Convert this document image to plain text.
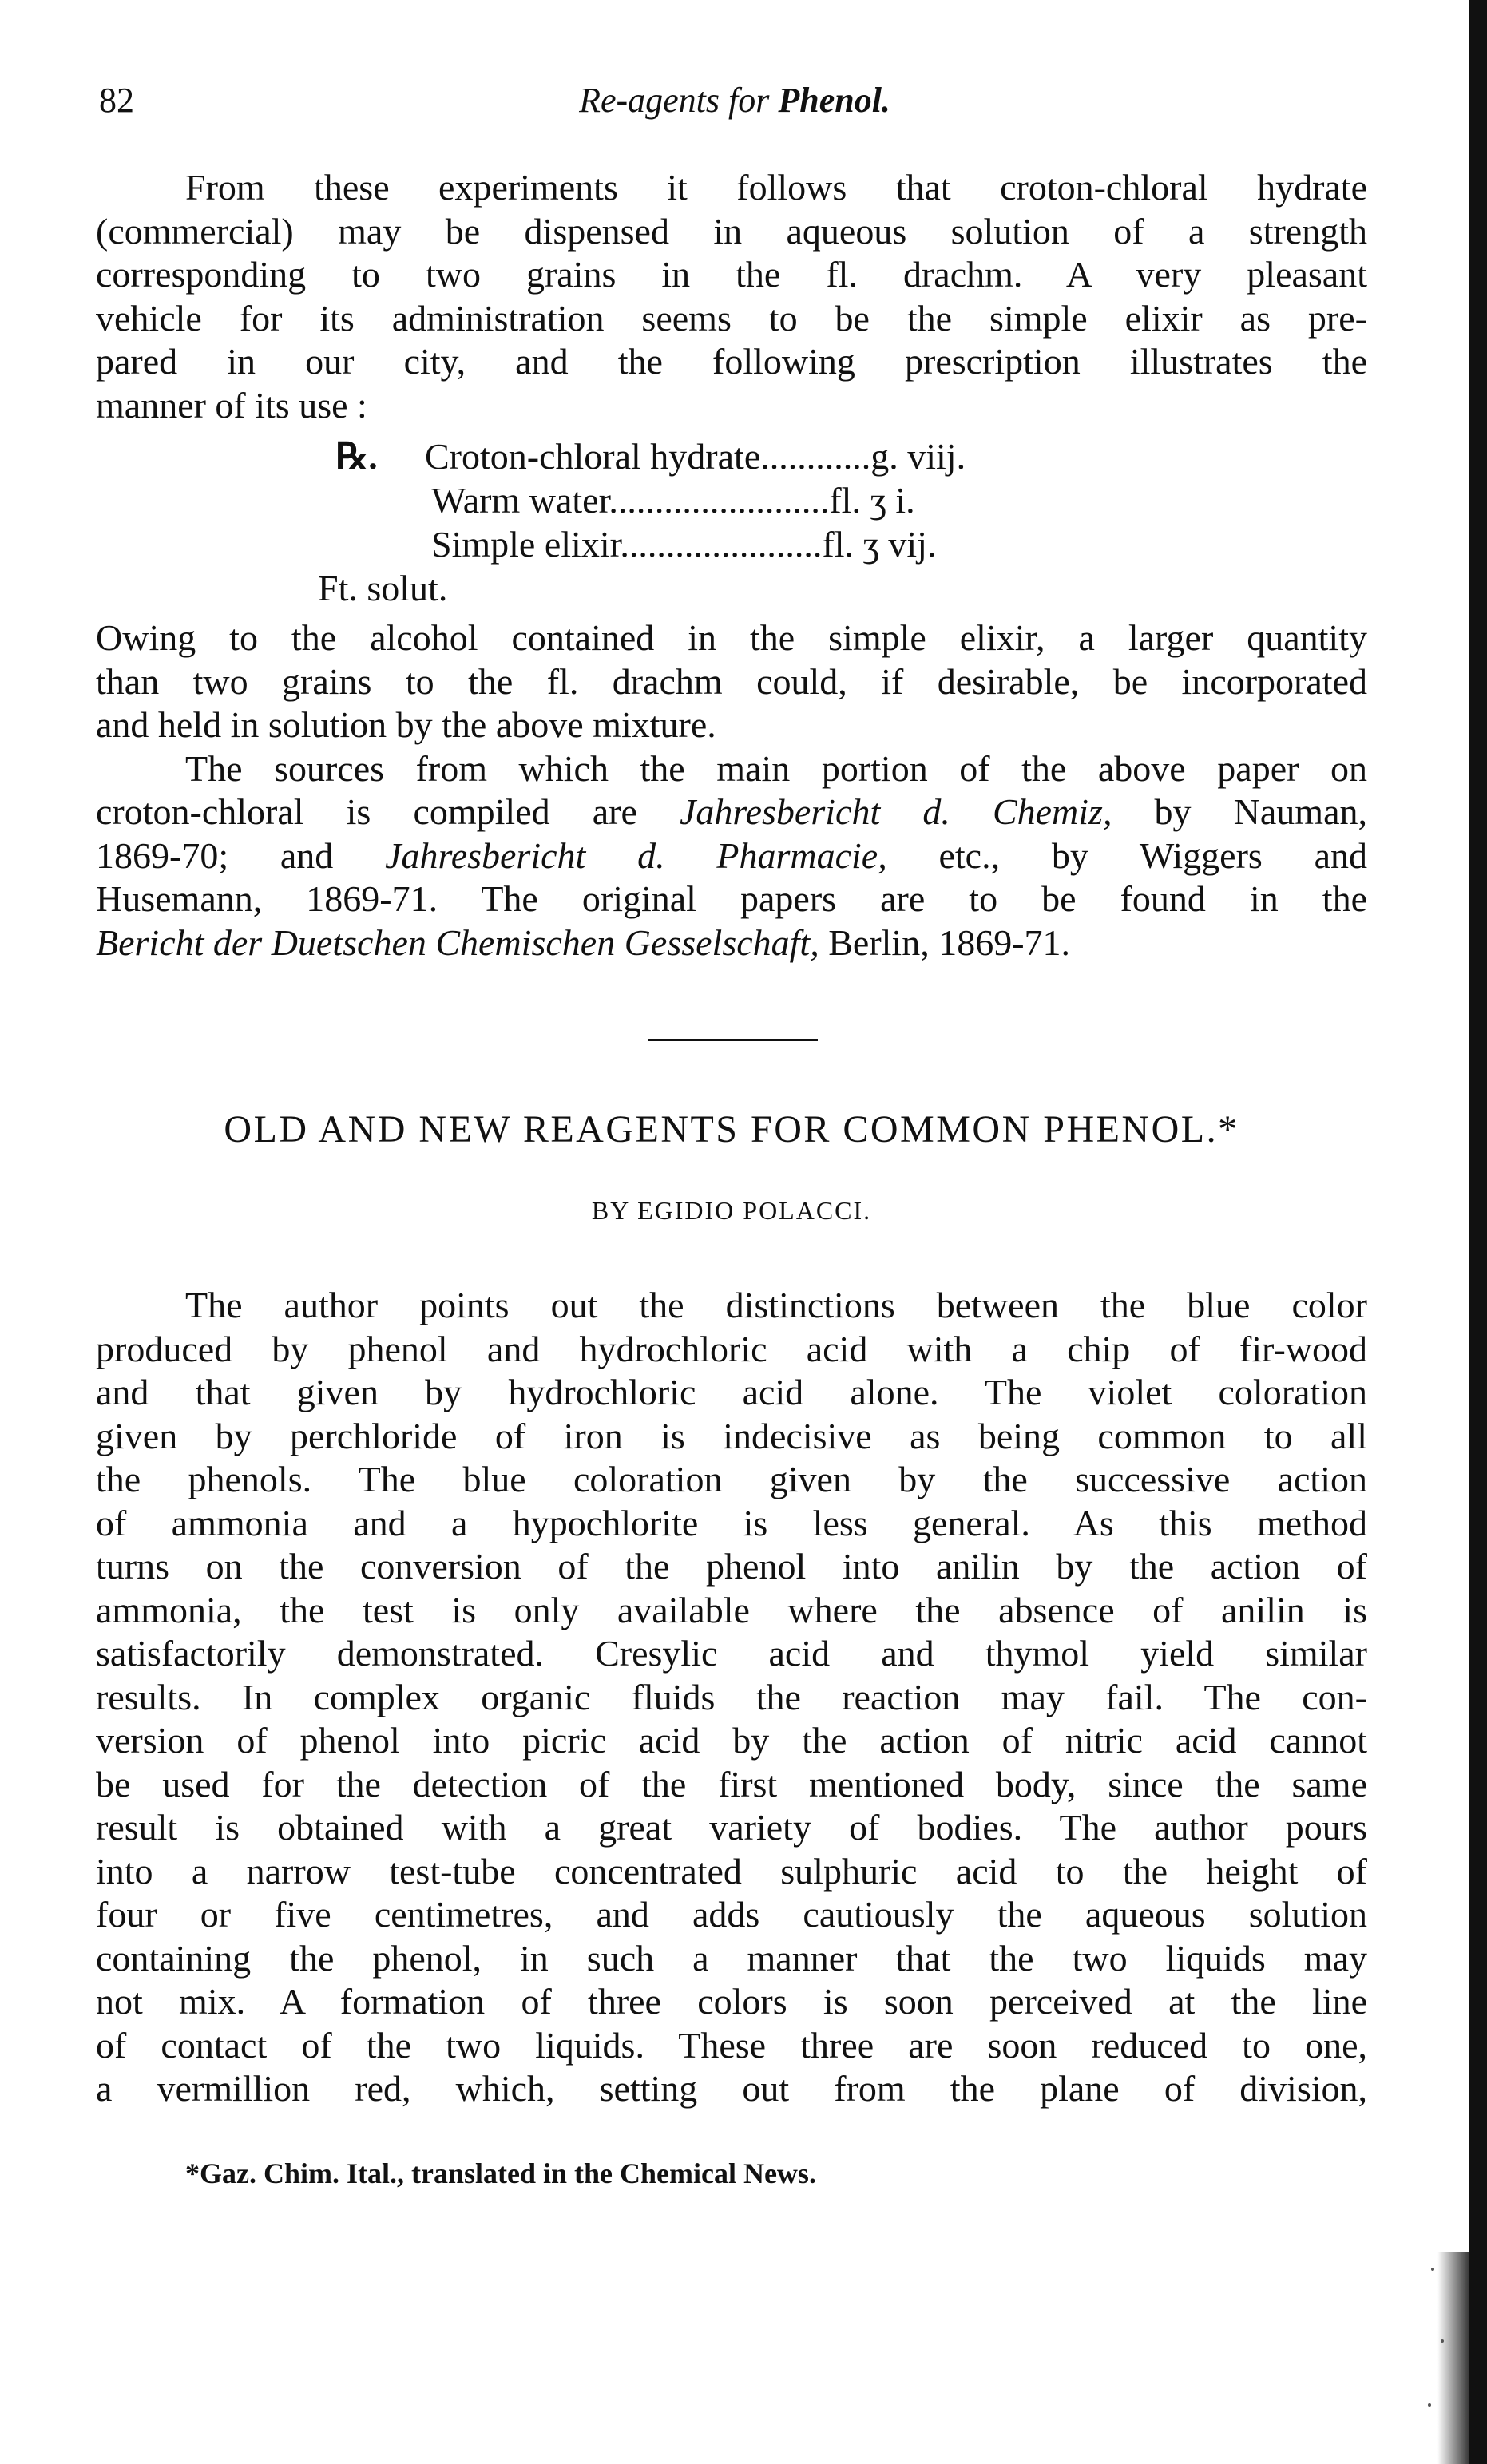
82	Re-agents for Phenol.
From these experiments it follows that croton-chloral hydrate
(commercial) may be dispensed in aqueous solution of a strength
corresponding to two grains in the fl. drachm. A very pleasant
vehicle for its administration seems to be the simple elixir as pre-
pared in our city, and the following prescription illustrates the
manner of its use :
℞. Croton-chloral hydrate............g. viij.
Warm water........................fl. ʒ i.
Simple elixir......................fl. ʒ vij.
Ft. solut.
Owing to the alcohol contained in the simple elixir, a larger quantity
than two grains to the fl. drachm could, if desirable, be incorporated
and held in solution by the above mixture.
The sources from which the main portion of the above paper on
croton-chloral is compiled are Jahresbericht d. Chemiz, by Nauman,
1869-70; and Jahresbericht d. Pharmacie, etc., by Wiggers and
Husemann, 1869-71. The original papers are to be found in the
Bericht der Duetschen Chemischen Gesselschaft, Berlin, 1869-71.
OLD AND NEW REAGENTS FOR COMMON PHENOL.*
BY EGIDIO POLACCI.
The author points out the distinctions between the blue color
produced by phenol and hydrochloric acid with a chip of fir-wood
and that given by hydrochloric acid alone. The violet coloration
given by perchloride of iron is indecisive as being common to all
the phenols. The blue coloration given by the successive action
of ammonia and a hypochlorite is less general. As this method
turns on the conversion of the phenol into anilin by the action of
ammonia, the test is only available where the absence of anilin is
satisfactorily demonstrated. Cresylic acid and thymol yield similar
results. In complex organic fluids the reaction may fail. The con-
version of phenol into picric acid by the action of nitric acid cannot
be used for the detection of the first mentioned body, since the same
result is obtained with a great variety of bodies. The author pours
into a narrow test-tube concentrated sulphuric acid to the height of
four or five centimetres, and adds cautiously the aqueous solution
containing the phenol, in such a manner that the two liquids may
not mix. A formation of three colors is soon perceived at the line
of contact of the two liquids. These three are soon reduced to one,
a vermillion red, which, setting out from the plane of division,
*Gaz. Chim. Ital., translated in the Chemical News.
